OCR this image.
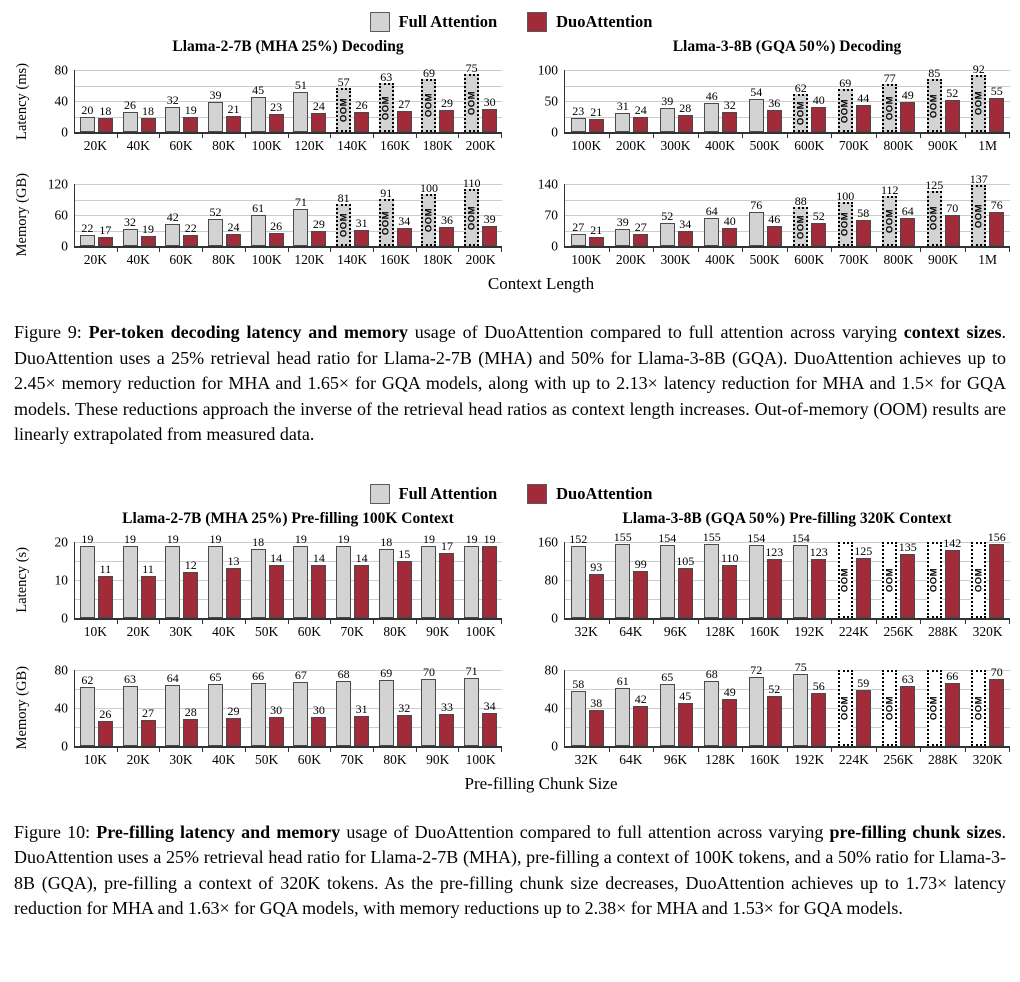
Full Attention	DuoAttention
Llama-2-7B (MHA 25%) Decoding
Latency (ms) 0
40
80
20 18 26 18
32
19
39
21
45
23
51
24
57
OOM 26
63
OOM 27
69
OOM 29
75
OOM 30
20K	40K	60K	80K	100K 120K 140K 160K 180K 200K
Llama-3-8B (GQA 50%) Decoding
0
50
100
23 21 31 24
39 28
46
32
54
36
62
OOM
40
69
OOM
44
77
OOM
49
85
OOM
52
92
OOM
55
100K	200K	300K	400K	500K	600K	700K	800K	900K	1M
Memory (GB) 0
60
120
22 17
32 19
42
22
52
24
61
26
71
29
81
OOM 31
91
OOM 34
100
OOM 36
110
OOM 39
20K	40K	60K	80K	100K 120K 140K 160K 180K 200K
0
70
140
27 21
39 27
52
34
64
40
76
46
88
OOM 52
100
OOM 58
112
OOM 64
125
OOM 70
137
OOM 76
100K	200K	300K	400K	500K	600K	700K	800K	900K	1M
Context Length

Figure 9: Per-token decoding latency and memory usage of DuoAttention compared to full attention across varying context sizes. DuoAttention uses a 25% retrieval head ratio for Llama-2-7B (MHA) and 50% for Llama-3-8B (GQA). DuoAttention achieves up to 2.45× memory reduction for MHA and 1.65× for GQA models, along with up to 2.13× latency reduction for MHA and 1.5× for GQA models. These reductions approach the inverse of the retrieval head ratios as context length increases. Out-of-memory (OOM) results are linearly extrapolated from measured data.

Full Attention	DuoAttention
Llama-2-7B (MHA 25%) Pre-filling 100K Context
Latency (s)
0
10
20 19
11
19
11
19
12
19
13
18
14
19
14
19
14
18
15
19
17
19 19
10K	20K	30K	40K	50K	60K	70K	80K	90K	100K
Llama-3-8B (GQA 50%) Pre-filling 320K Context
0
80
160 152
93
155
99
154
105
155
110
154
123
154
123
OOM
125
OOM
135
OOM
142
OOM
156
32K	64K	96K	128K	160K	192K	224K	256K	288K	320K
Memory (GB) 0
40
80
62
26
63
27
64
28
65
29
66
30
67
30
68
31
69
32
70
33
71
34
10K	20K	30K	40K	50K	60K	70K	80K	90K	100K
0
40
80
58
38
61
42
65
45
68
49
72
52
75
56
OOM
59
OOM
63
OOM
66
OOM
70
32K	64K	96K	128K	160K	192K	224K	256K	288K	320K
Pre-filling Chunk Size

Figure 10: Pre-filling latency and memory usage of DuoAttention compared to full attention across varying pre-filling chunk sizes. DuoAttention uses a 25% retrieval head ratio for Llama-2-7B (MHA), pre-filling a context of 100K tokens, and a 50% ratio for Llama-3-8B (GQA), pre-filling a context of 320K tokens. As the pre-filling chunk size decreases, DuoAttention achieves up to 1.73× latency reduction for MHA and 1.63× for GQA models, with memory reductions up to 2.38× for MHA and 1.53× for GQA models.
